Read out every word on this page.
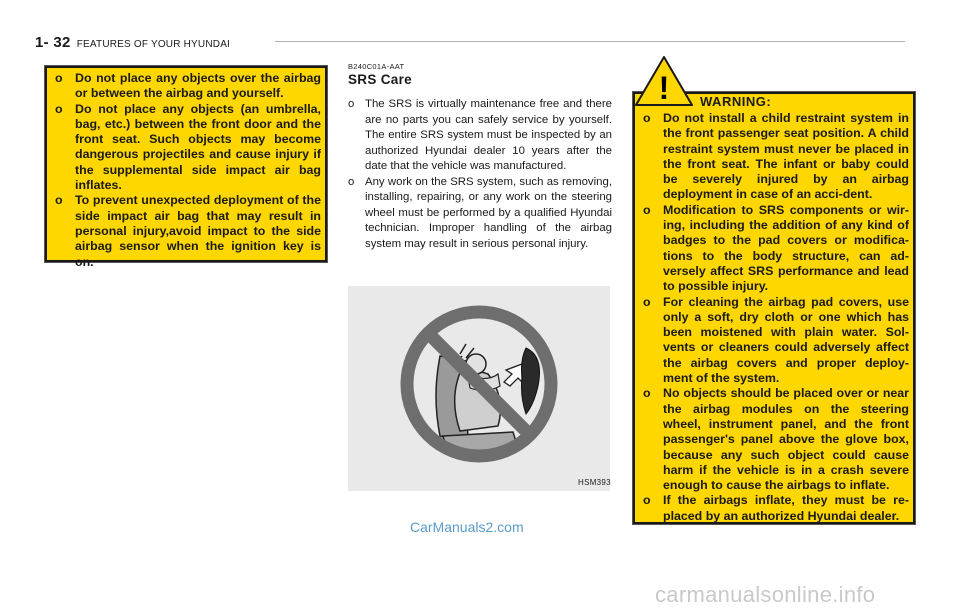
1- 32 FEATURES OF YOUR HYUNDAI
o	Do not place any objects over the airbag or between the airbag and yourself.
o	Do not place any objects (an umbrella, bag, etc.) between the front door and the front seat. Such objects may become dangerous projectiles and cause injury if the supplemental side impact air bag inflates.
o	To prevent unexpected deployment of the side impact air bag that may result in personal injury,avoid impact to the side airbag sensor when the ignition key is on.
B240C01A-AAT
SRS Care
o The SRS is virtually maintenance free and there are no parts you can safely service by yourself. The entire SRS system must be inspected by an authorized Hyundai dealer 10 years after the date that the vehicle was manufactured.
o Any work on the SRS system, such as removing, installing, repairing, or any work on the steering wheel must be performed by a qualified Hyundai technician. Improper handling of the airbag system may result in serious personal injury.
HSM393
o	Do not install a child restraint system in the front passenger seat position. A child restraint system must never be placed in the front seat. The infant or baby could be severely injured by an airbag deployment in case of an acci-dent.
o	Modification to SRS components or wir-ing, including the addition of any kind of badges to the pad covers or modifica-tions to the body structure, can ad-versely affect SRS performance and lead to possible injury.
o	For cleaning the airbag pad covers, use only a soft, dry cloth or one which has been moistened with plain water. Sol-vents or cleaners could adversely affect the airbag covers and proper deploy-ment of the system.
o	No objects should be placed over or near the airbag modules on the steering wheel, instrument panel, and the front passenger's panel above the glove box, because any such object could cause harm if the vehicle is in a crash severe enough to cause the airbags to inflate.
o	If the airbags inflate, they must be re-placed by an authorized Hyundai dealer.
! WARNING:
CarManuals2.com
carmanualsonline.info
